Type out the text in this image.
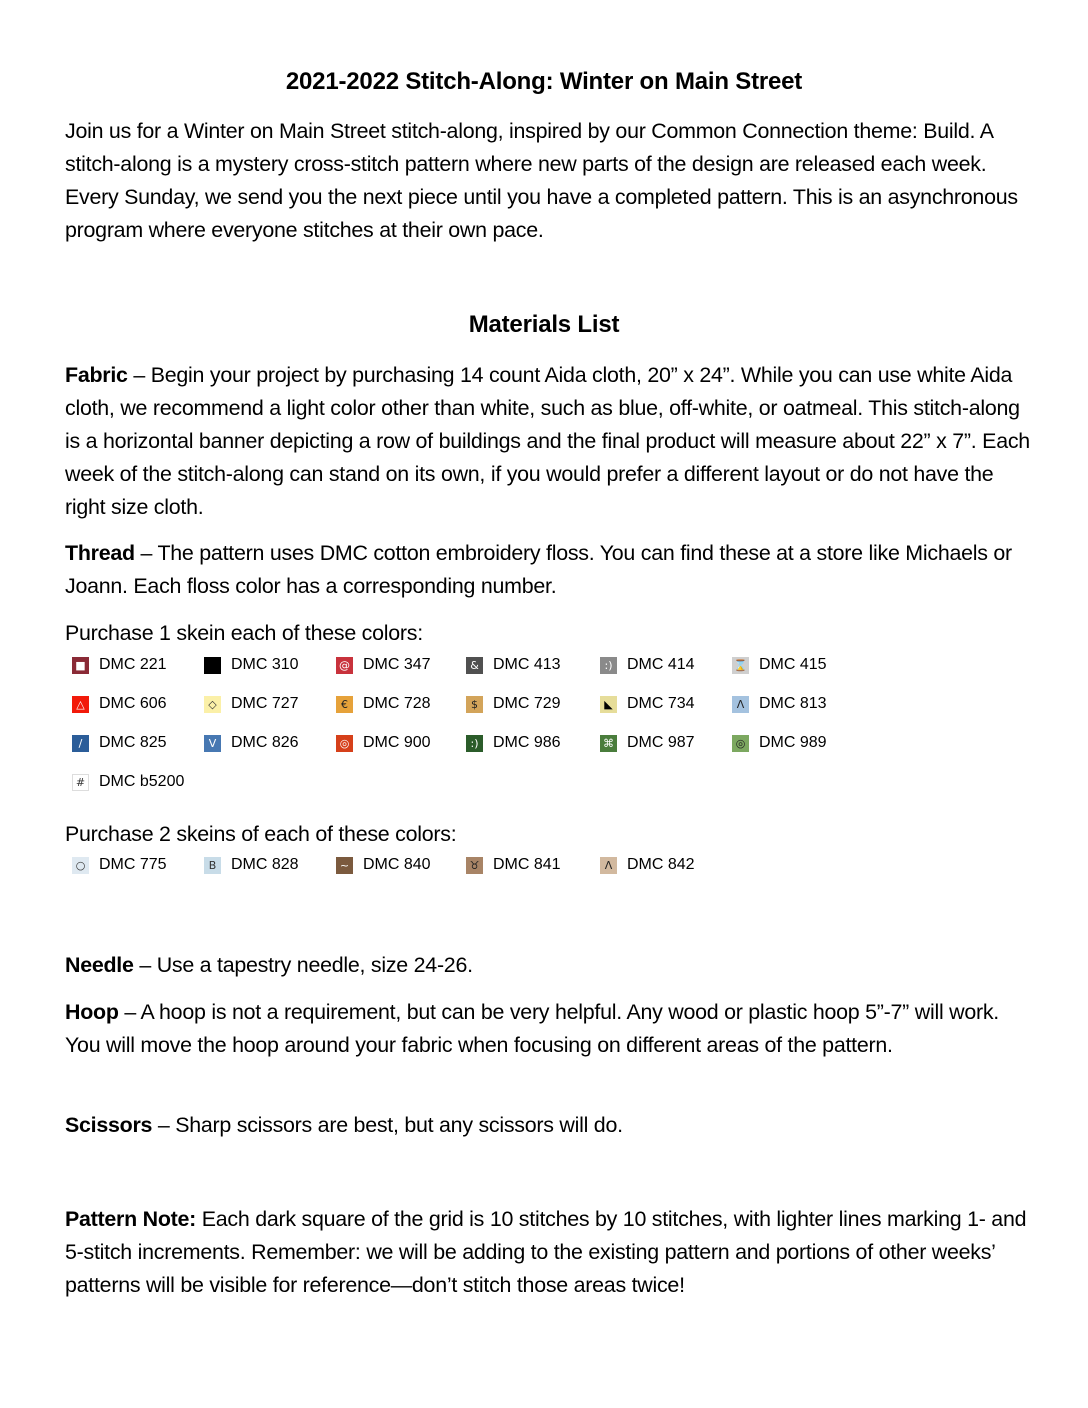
2021-2022 Stitch-Along: Winter on Main Street

Join us for a Winter on Main Street stitch-along, inspired by our Common Connection theme: Build. A stitch-along is a mystery cross-stitch pattern where new parts of the design are released each week. Every Sunday, we send you the next piece until you have a completed pattern. This is an asynchronous program where everyone stitches at their own pace.

Materials List

Fabric – Begin your project by purchasing 14 count Aida cloth, 20” x 24”. While you can use white Aida cloth, we recommend a light color other than white, such as blue, off-white, or oatmeal. This stitch-along is a horizontal banner depicting a row of buildings and the final product will measure about 22” x 7”. Each week of the stitch-along can stand on its own, if you would prefer a different layout or do not have the right size cloth.

Thread – The pattern uses DMC cotton embroidery floss. You can find these at a store like Michaels or Joann. Each floss color has a corresponding number.

Purchase 1 skein each of these colors:

■ DMC 221	DMC 310	@ DMC 347	& DMC 413	:) DMC 414	⌛ DMC 415
△ DMC 606	◇ DMC 727	€ DMC 728	$ DMC 729	◣ DMC 734	Λ DMC 813
/	DMC 825	V DMC 826	◎ DMC 900	:) DMC 986	⌘ DMC 987	◎ DMC 989
# DMC b5200

Purchase 2 skeins of each of these colors:

○ DMC 775	B DMC 828	~ DMC 840	♉ DMC 841	Λ DMC 842

Needle – Use a tapestry needle, size 24-26.

Hoop – A hoop is not a requirement, but can be very helpful. Any wood or plastic hoop 5”-7” will work. You will move the hoop around your fabric when focusing on different areas of the pattern.

Scissors – Sharp scissors are best, but any scissors will do.

Pattern Note: Each dark square of the grid is 10 stitches by 10 stitches, with lighter lines marking 1- and 5-stitch increments. Remember: we will be adding to the existing pattern and portions of other weeks’ patterns will be visible for reference—don’t stitch those areas twice!
